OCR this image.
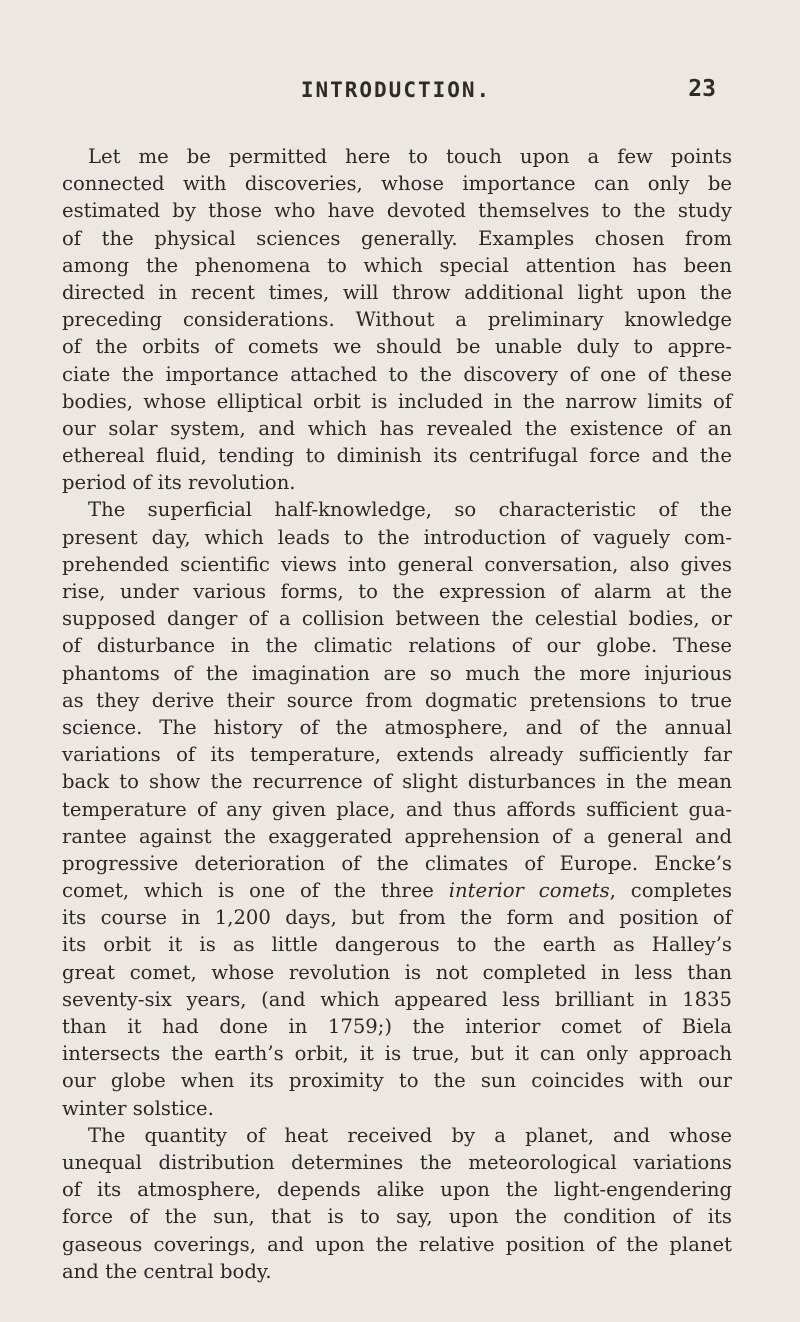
INTRODUCTION.	23
Let me be permitted here to touch upon a few points
connected with discoveries, whose importance can only be
estimated by those who have devoted themselves to the study
of the physical sciences generally. Examples chosen from
among the phenomena to which special attention has been
directed in recent times, will throw additional light upon the
preceding considerations. Without a preliminary knowledge
of the orbits of comets we should be unable duly to appre-
ciate the importance attached to the discovery of one of these
bodies, whose elliptical orbit is included in the narrow limits of
our solar system, and which has revealed the existence of an
ethereal fluid, tending to diminish its centrifugal force and the
period of its revolution.
The superficial half-knowledge, so characteristic of the
present day, which leads to the introduction of vaguely com-
prehended scientific views into general conversation, also gives
rise, under various forms, to the expression of alarm at the
supposed danger of a collision between the celestial bodies, or
of disturbance in the climatic relations of our globe. These
phantoms of the imagination are so much the more injurious
as they derive their source from dogmatic pretensions to true
science. The history of the atmosphere, and of the annual
variations of its temperature, extends already sufficiently far
back to show the recurrence of slight disturbances in the mean
temperature of any given place, and thus affords sufficient gua-
rantee against the exaggerated apprehension of a general and
progressive deterioration of the climates of Europe. Encke’s
comet, which is one of the three interior comets, completes
its course in 1,200 days, but from the form and position of
its orbit it is as little dangerous to the earth as Halley’s
great comet, whose revolution is not completed in less than
seventy-six years, (and which appeared less brilliant in 1835
than it had done in 1759;) the interior comet of Biela
intersects the earth’s orbit, it is true, but it can only approach
our globe when its proximity to the sun coincides with our
winter solstice.
The quantity of heat received by a planet, and whose
unequal distribution determines the meteorological variations
of its atmosphere, depends alike upon the light-engendering
force of the sun, that is to say, upon the condition of its
gaseous coverings, and upon the relative position of the planet
and the central body.
